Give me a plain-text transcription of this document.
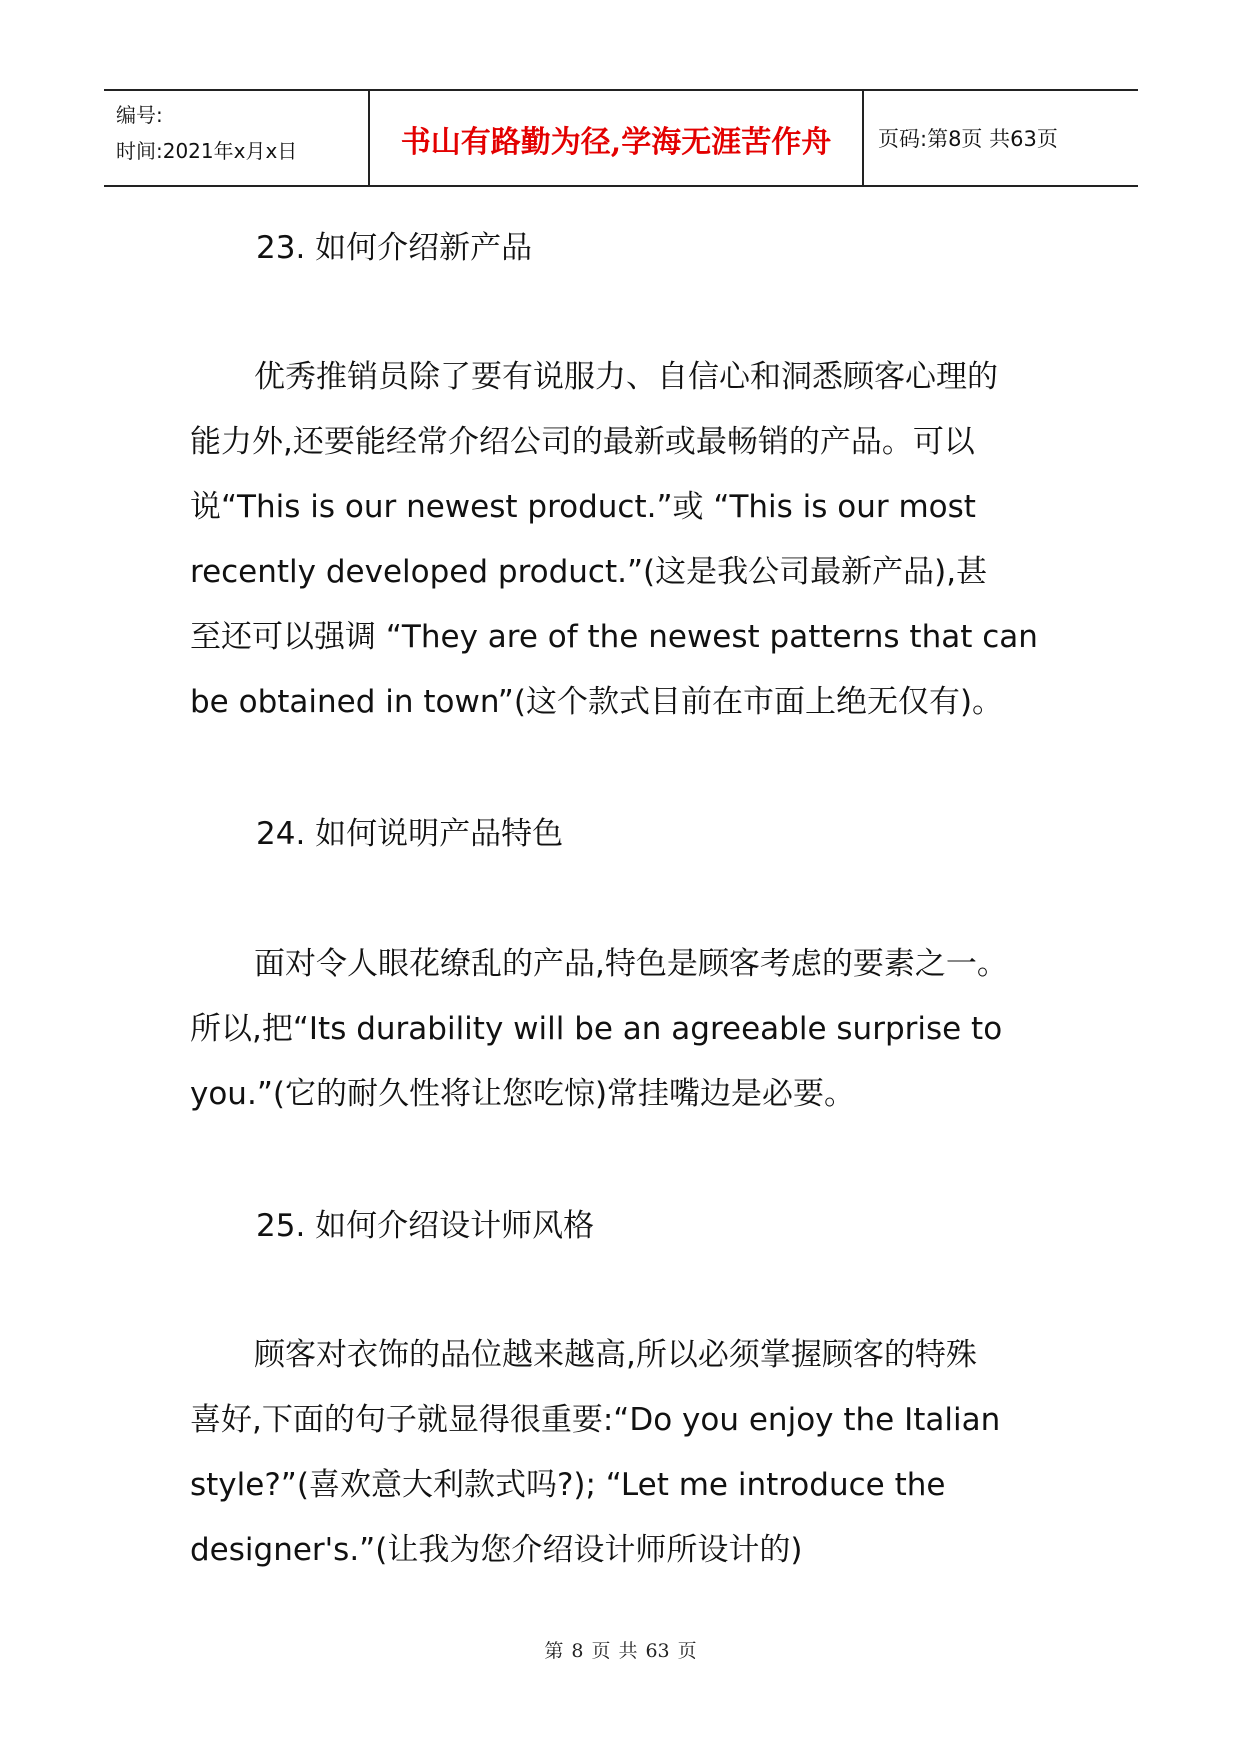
编号:
时间:2021年x月x日	书山有路勤为径,学海无涯苦作舟	页码:第8页 共63页
23. 如何介绍新产品
优秀推销员除了要有说服力、自信心和洞悉顾客心理的
能力外,还要能经常介绍公司的最新或最畅销的产品。可以
说“This is our newest product.”或 “This is our most
recently developed product.”(这是我公司最新产品),甚
至还可以强调 “They are of the newest patterns that can
be obtained in town”(这个款式目前在市面上绝无仅有)。
24. 如何说明产品特色
面对令人眼花缭乱的产品,特色是顾客考虑的要素之一。
所以,把“Its durability will be an agreeable surprise to
you.”(它的耐久性将让您吃惊)常挂嘴边是必要。
25. 如何介绍设计师风格
顾客对衣饰的品位越来越高,所以必须掌握顾客的特殊
喜好,下面的句子就显得很重要:“Do you enjoy the Italian
style?”(喜欢意大利款式吗?); “Let me introduce the
designer's.”(让我为您介绍设计师所设计的)
第 8 页 共 63 页
